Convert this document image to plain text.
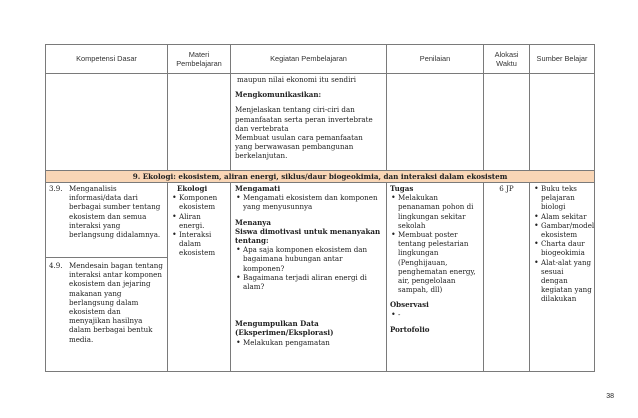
Kompetensi Dasar
Materi Pembelajaran
Kegiatan Pembelajaran	Penilaian
Alokasi Waktu
Sumber Belajar

maupun nilai ekonomi itu sendiri

Mengkomunikasikan:

Menjelaskan tentang ciri-ciri dan pemanfaatan serta peran invertebrate dan vertebrata

Membuat usulan cara pemanfaatan yang berwawasan pembangunan berkelanjutan.

9. Ekologi: ekosistem, aliran energi, siklus/daur biogeokimia, dan interaksi dalam ekosistem
3.9. Menganalisis informasi/data dari berbagai sumber tentang ekosistem dan semua interaksi yang berlangsung didalamnya.
4.9. Mendesain bagan tentang interaksi antar komponen ekosistem dan jejaring makanan yang berlangsung dalam ekosistem dan menyajikan hasilnya dalam berbagai bentuk media.

Ekologi

• Komponen ekosistem
• Aliran energi.
• Interaksi dalam ekosistem

Mengamati

• Mengamati ekosistem dan komponen yang menyusunnya

Menanya

Siswa dimotivasi untuk menanyakan tentang:

• Apa saja komponen ekosistem dan bagaimana hubungan antar komponen?
• Bagaimana terjadi aliran energi di alam?

Mengumpulkan Data (Eksperimen/Eksplorasi)

• Melakukan pengamatan

Tugas

• Melakukan penanaman pohon di lingkungan sekitar sekolah
• Membuat poster tentang pelestarian lingkungan (Penghijauan, penghematan energy, air, pengelolaan sampah, dll)

Observasi

• -

Portofolio

6 JP
•	Buku teks pelajaran biologi
• Alam sekitar
• Gambar/model ekosistem
• Charta daur biogeokimia
• Alat-alat yang sesuai dengan kegiatan yang dilakukan
38
